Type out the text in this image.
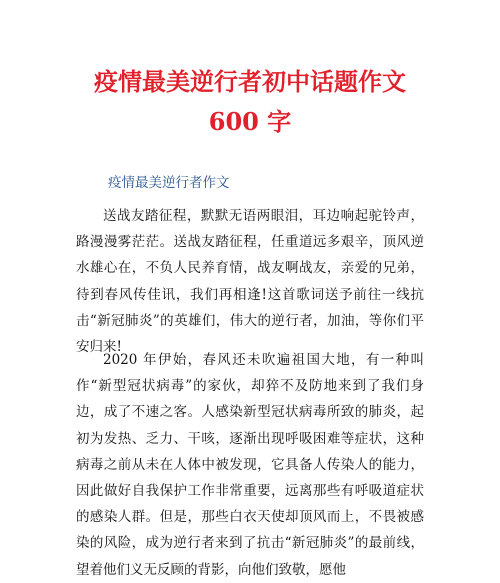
疫情最美逆行者初中话题作文 600 字

疫情最美逆行者作文

送战友踏征程，默默无语两眼泪，耳边响起驼铃声，路漫漫雾茫茫。送战友踏征程，任重道远多艰辛，顶风逆水雄心在，不负人民养育情，战友啊战友，亲爱的兄弟，待到春风传佳讯，我们再相逢!这首歌词送予前往一线抗击“新冠肺炎”的英雄们，伟大的逆行者，加油，等你们平安归来!

2020 年伊始，春风还未吹遍祖国大地，有一种叫作“新型冠状病毒”的家伙，却猝不及防地来到了我们身边，成了不速之客。人感染新型冠状病毒所致的肺炎，起初为发热、乏力、干咳，逐渐出现呼吸困难等症状，这种病毒之前从未在人体中被发现，它具备人传染人的能力，因此做好自我保护工作非常重要，远离那些有呼吸道症状的感染人群。但是，那些白衣天使却顶风而上，不畏被感染的风险，成为逆行者来到了抗击“新冠肺炎”的最前线，望着他们义无反顾的背影，向他们致敬，愿他
